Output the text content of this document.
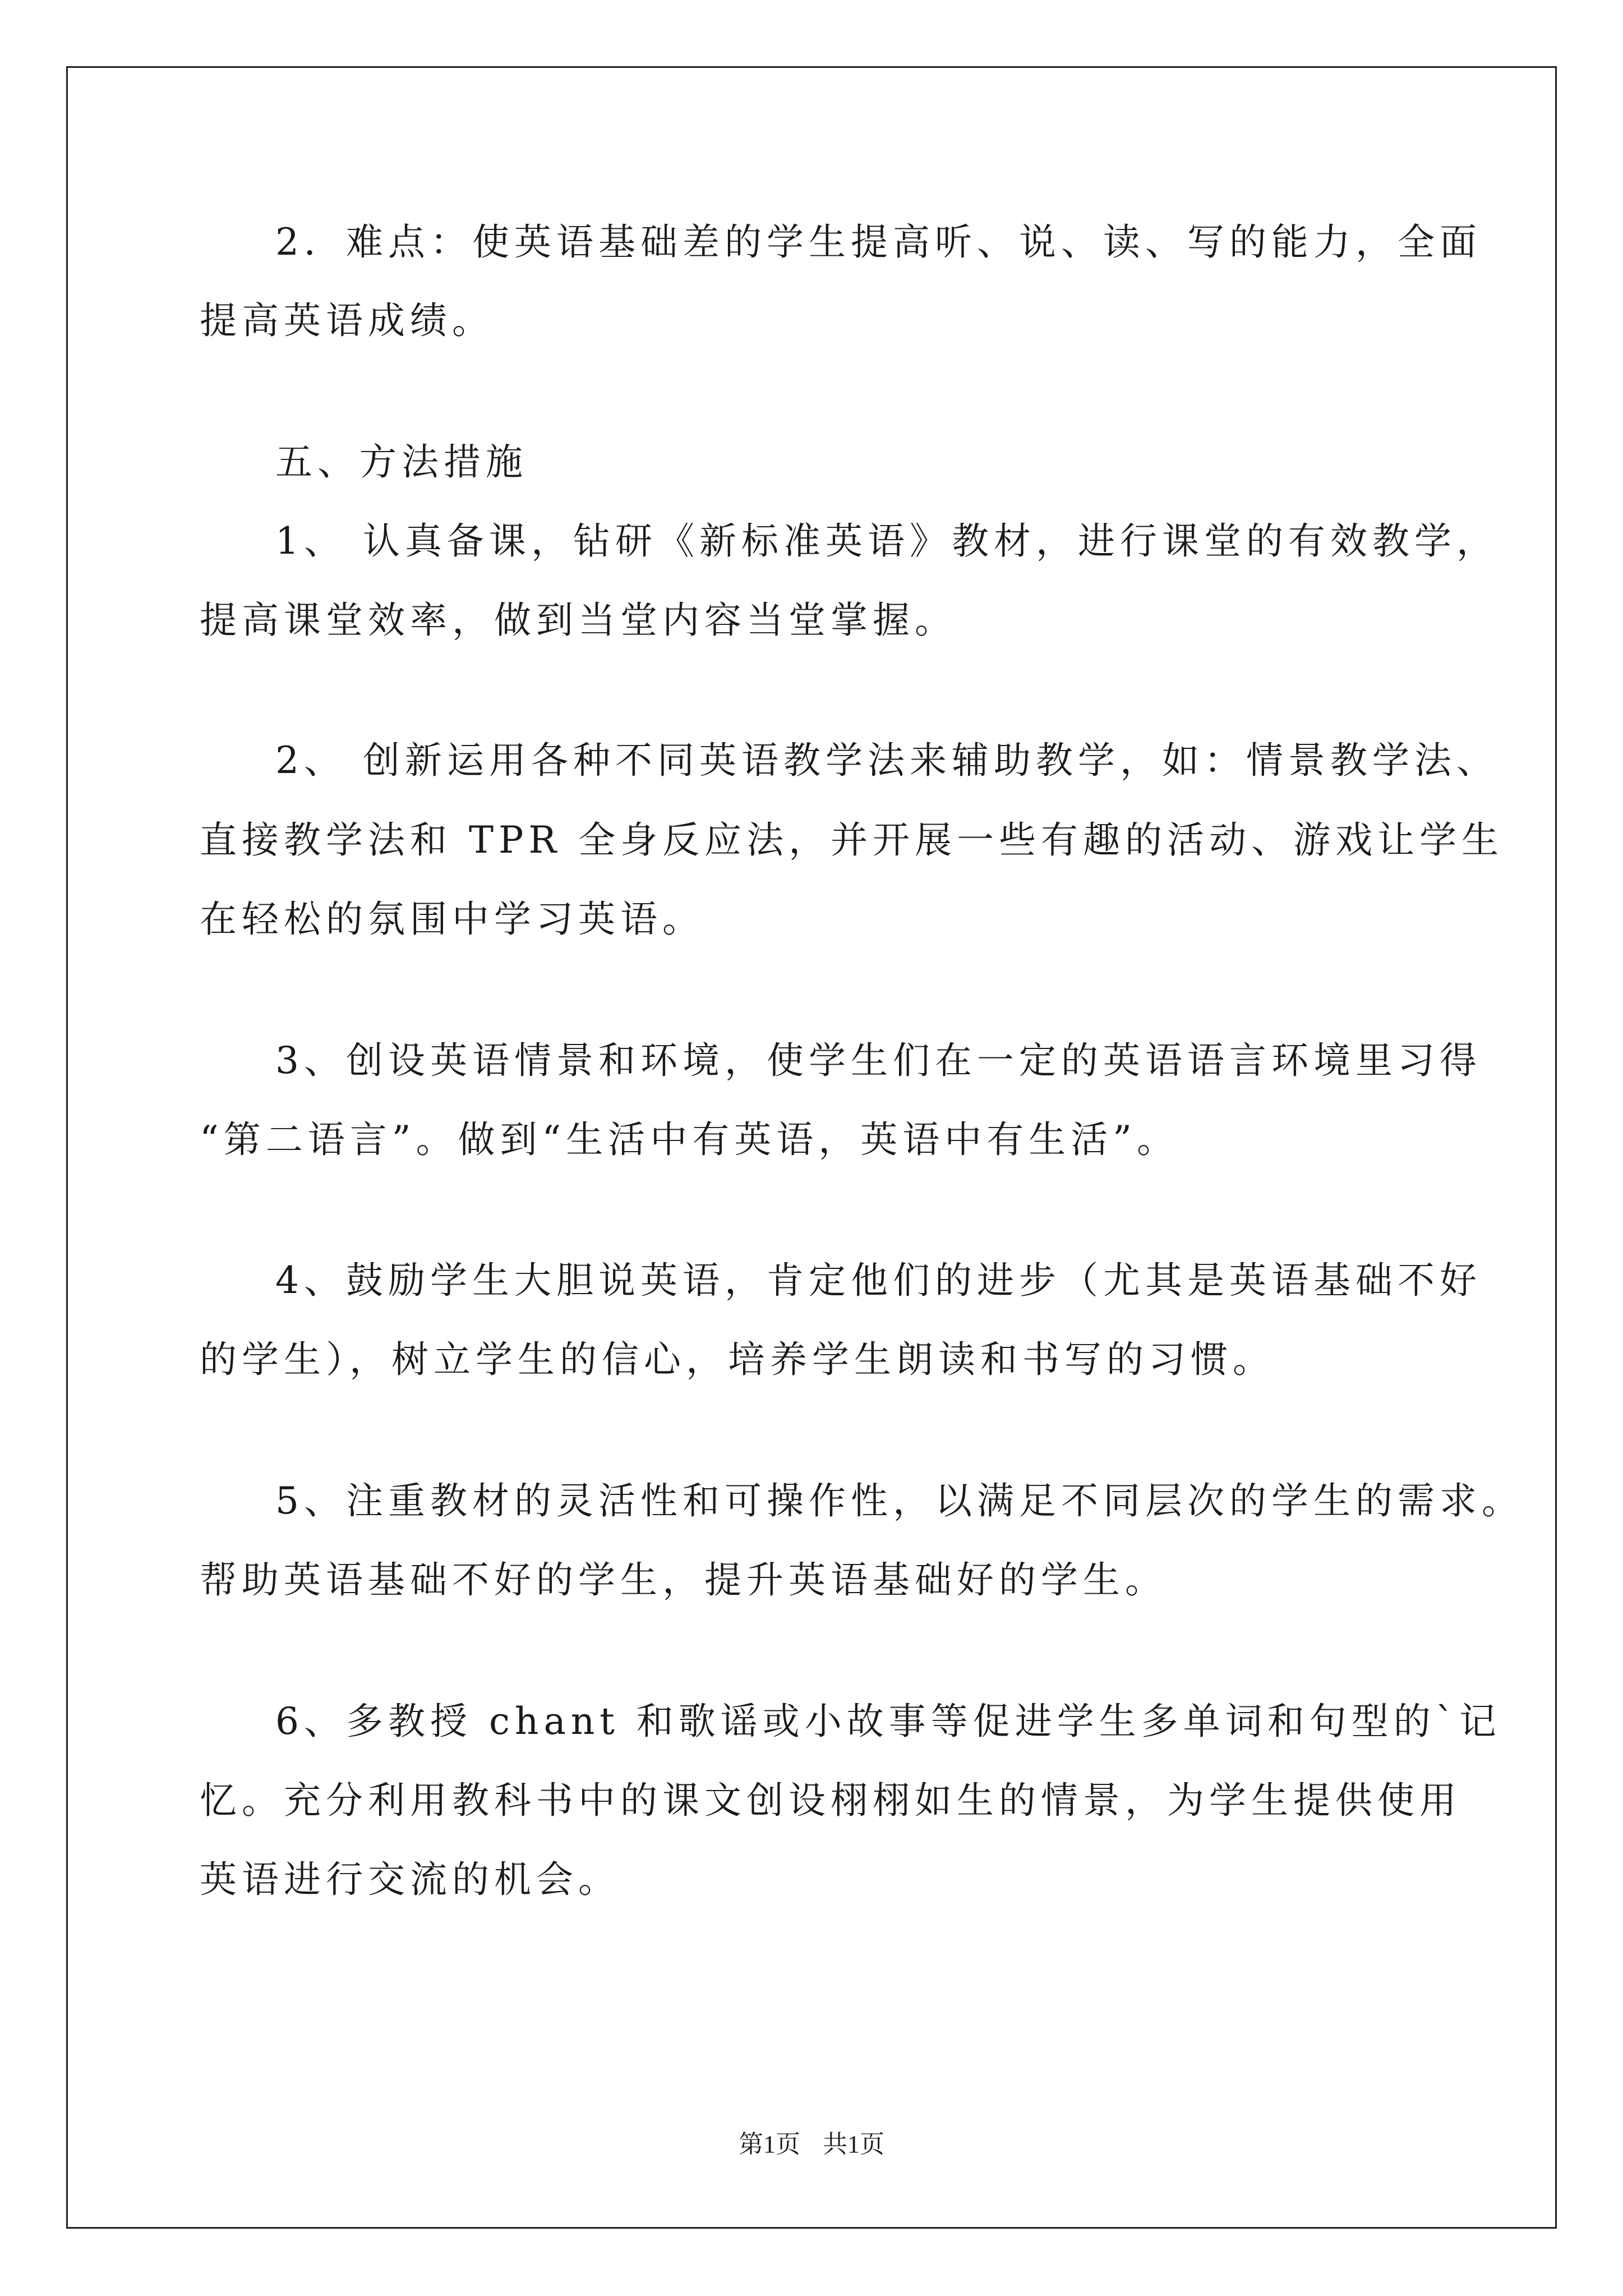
2．难点：使英语基础差的学生提高听、说、读、写的能力，全面
提高英语成绩。
五、方法措施
1、 认真备课，钻研《新标准英语》教材，进行课堂的有效教学，
提高课堂效率，做到当堂内容当堂掌握。
2、 创新运用各种不同英语教学法来辅助教学，如：情景教学法、
直接教学法和 TPR 全身反应法，并开展一些有趣的活动、游戏让学生
在轻松的氛围中学习英语。
3、创设英语情景和环境，使学生们在一定的英语语言环境里习得
“第二语言”。做到“生活中有英语，英语中有生活”。
4、鼓励学生大胆说英语，肯定他们的进步（尤其是英语基础不好
的学生），树立学生的信心，培养学生朗读和书写的习惯。
5、注重教材的灵活性和可操作性，以满足不同层次的学生的需求。
帮助英语基础不好的学生，提升英语基础好的学生。
6、多教授 chant 和歌谣或小故事等促进学生多单词和句型的`记
忆。充分利用教科书中的课文创设栩栩如生的情景，为学生提供使用
英语进行交流的机会。
第1页 共1页
